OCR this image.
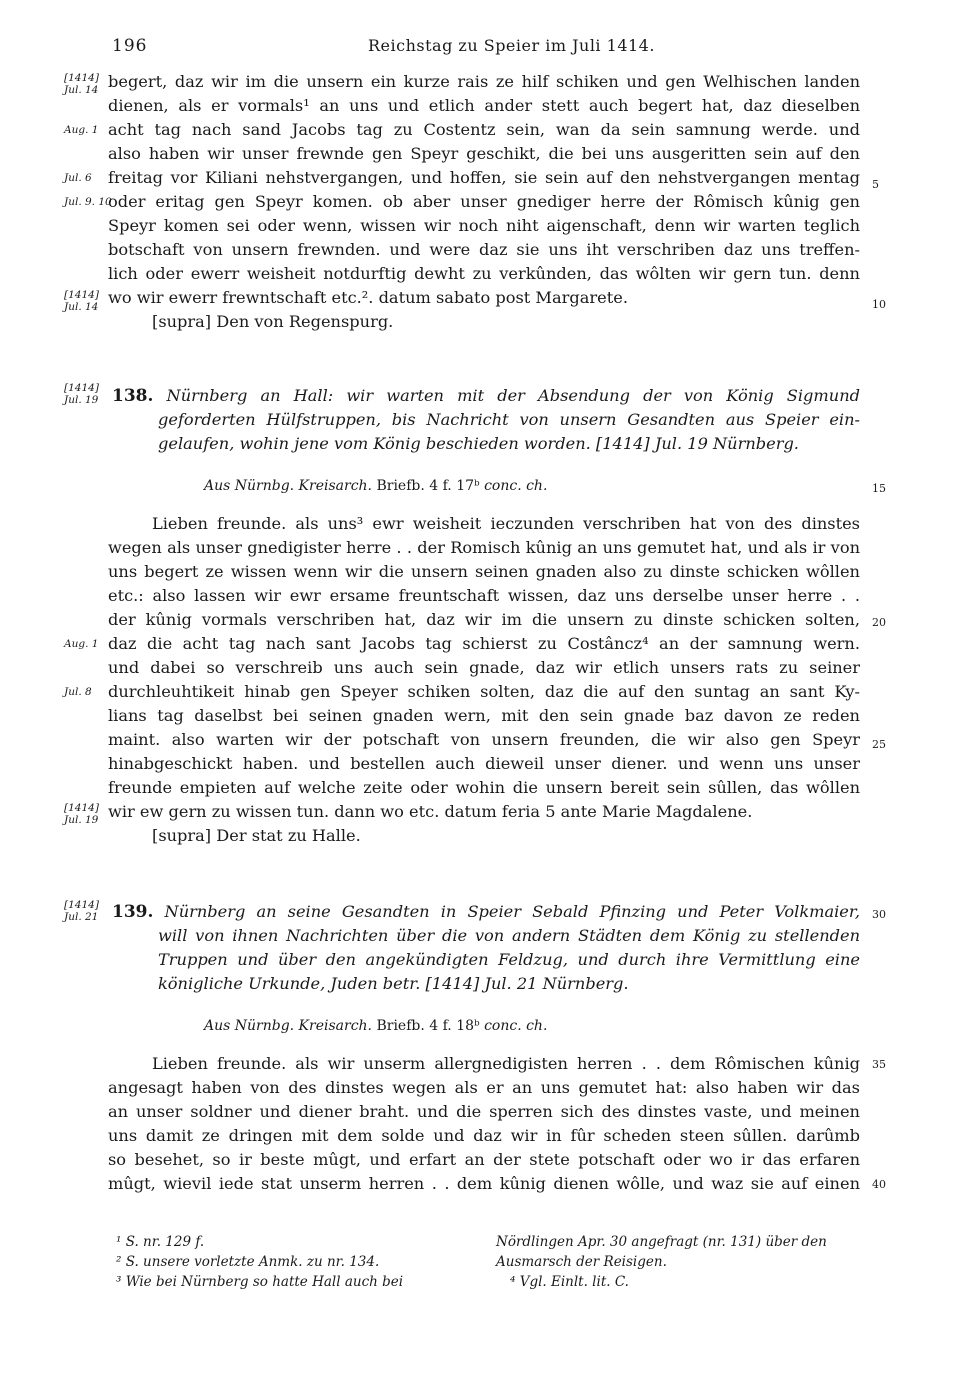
196	Reichstag zu Speier im Juli 1414.
begert, daz wir im die unsern ein kurze rais ze hilf schiken und gen Welhischen landen
dienen, als er vormals¹ an uns und etlich ander stett auch begert hat, daz dieselben
acht tag nach sand Jacobs tag zu Costentz sein, wan da sein samnung werde. und
also haben wir unser frewnde gen Speyr geschikt, die bei uns ausgeritten sein auf den
freitag vor Kiliani nehstvergangen, und hoffen, sie sein auf den nehstvergangen mentag
oder eritag gen Speyr komen. ob aber unser gnediger herre der Rômisch kûnig gen
Speyr komen sei oder wenn, wissen wir noch niht aigenschaft, denn wir warten teglich
botschaft von unsern frewnden. und were daz sie uns iht verschriben daz uns treffen-
lich oder ewerr weisheit notdurftig dewht zu verkûnden, das wôlten wir gern tun. denn
wo wir ewerr frewntschaft etc.². datum sabato post Margarete.
[supra] Den von Regenspurg.
[1414]
Jul. 14
Aug. 1
Jul. 6
Jul. 9. 10
[1414]
Jul. 14
5
10
[1414]
Jul. 19 138. Nürnberg an Hall: wir warten mit der Absendung der von König Sigmund
geforderten Hülfstruppen, bis Nachricht von unsern Gesandten aus Speier ein-
gelaufen, wohin jene vom König beschieden worden. [1414] Jul. 19 Nürnberg.
Aus Nürnbg. Kreisarch. Briefb. 4 f. 17ᵇ conc. ch.	15
Lieben freunde. als uns³ ewr weisheit ieczunden verschriben hat von des dinstes
wegen als unser gnedigister herre . . der Romisch kûnig an uns gemutet hat, und als ir von
uns begert ze wissen wenn wir die unsern seinen gnaden also zu dinste schicken wôllen
etc.: also lassen wir ewr ersame freuntschaft wissen, daz uns derselbe unser herre . .
der kûnig vormals verschriben hat, daz wir im die unsern zu dinste schicken solten,
daz die acht tag nach sant Jacobs tag schierst zu Costâncz⁴ an der samnung wern.
und dabei so verschreib uns auch sein gnade, daz wir etlich unsers rats zu seiner
durchleuhtikeit hinab gen Speyer schiken solten, daz die auf den suntag an sant Ky-
lians tag daselbst bei seinen gnaden wern, mit den sein gnade baz davon ze reden
maint. also warten wir der potschaft von unsern freunden, die wir also gen Speyr
hinabgeschickt haben. und bestellen auch dieweil unser diener. und wenn uns unser
freunde empieten auf welche zeite oder wohin die unsern bereit sein sûllen, das wôllen
wir ew gern zu wissen tun. dann wo etc. datum feria 5 ante Marie Magdalene.
[supra] Der stat zu Halle.
Aug. 1
Jul. 8
[1414]
Jul. 19
20
25
[1414]
Jul. 21 139. Nürnberg an seine Gesandten in Speier Sebald Pfinzing und Peter Volkmaier,
will von ihnen Nachrichten über die von andern Städten dem König zu stellenden
Truppen und über den angekündigten Feldzug, und durch ihre Vermittlung eine
königliche Urkunde, Juden betr. [1414] Jul. 21 Nürnberg.
30
Aus Nürnbg. Kreisarch. Briefb. 4 f. 18ᵇ conc. ch.
Lieben freunde. als wir unserm allergnedigisten herren . . dem Rômischen kûnig
angesagt haben von des dinstes wegen als er an uns gemutet hat: also haben wir das
an unser soldner und diener braht. und die sperren sich des dinstes vaste, und meinen
uns damit ze dringen mit dem solde und daz wir in fûr scheden steen sûllen. darûmb
so besehet, so ir beste mûgt, und erfart an der stete potschaft oder wo ir das erfaren
mûgt, wievil iede stat unserm herren . . dem kûnig dienen wôlle, und waz sie auf einen
35
40
¹ S. nr. 129 f.
² S. unsere vorletzte Anmk. zu nr. 134.
³ Wie bei Nürnberg so hatte Hall auch bei
Nördlingen Apr. 30 angefragt (nr. 131) über den
Ausmarsch der Reisigen.
⁴ Vgl. Einlt. lit. C.
